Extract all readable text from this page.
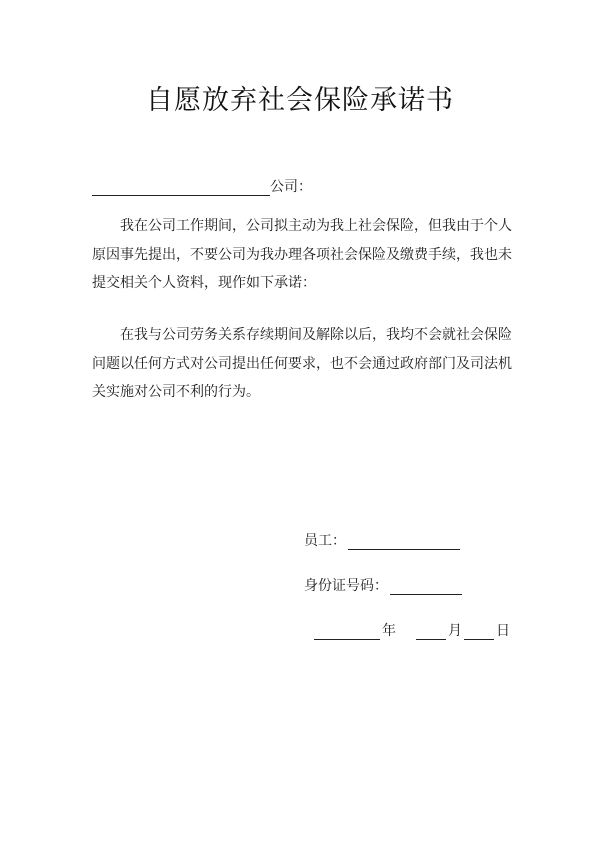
自愿放弃社会保险承诺书
公司：
我在公司工作期间，公司拟主动为我上社会保险，但我由于个人原因事先提出，不要公司为我办理各项社会保险及缴费手续，我也未提交相关个人资料，现作如下承诺：
在我与公司劳务关系存续期间及解除以后，我均不会就社会保险问题以任何方式对公司提出任何要求，也不会通过政府部门及司法机关实施对公司不利的行为。
员工：
身份证号码：
年	月 日
